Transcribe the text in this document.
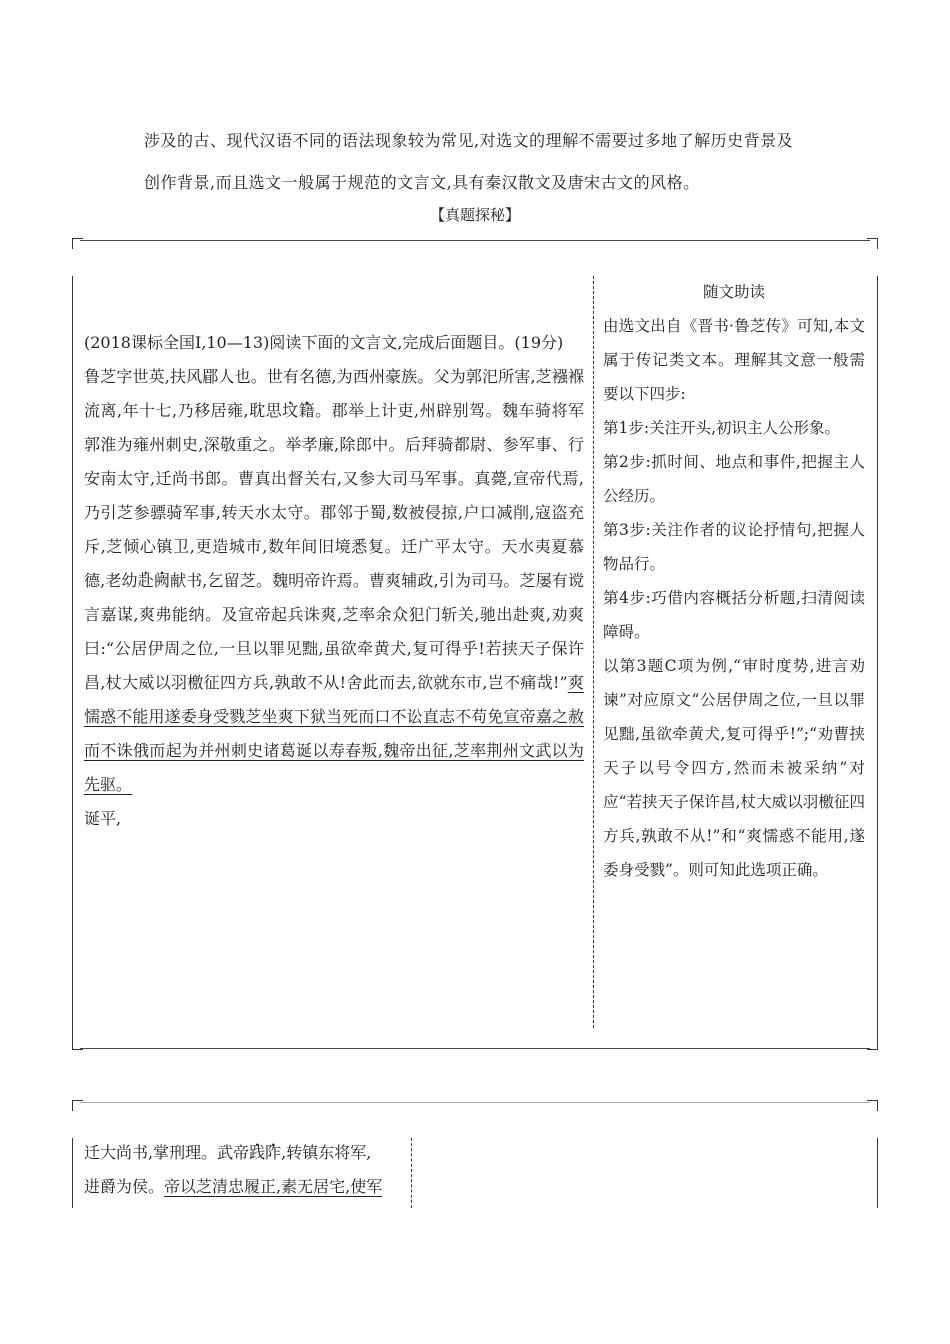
涉及的古、现代汉语不同的语法现象较为常见,对选文的理解不需要过多地了解历史背景及
创作背景,而且选文一般属于规范的文言文,具有秦汉散文及唐宋古文的风格。
【真题探秘】

(2018课标全国Ⅰ,10—13)阅读下面的文言文,完成后面题目。(19分)

鲁芝字世英,扶风郿人也。世有名德,为西州豪族。父为郭汜所害,芝襁褓流离,年十七,乃移居雍,耽思坟籍。郡举上计吏,州辟别驾。魏车骑将军郭淮为雍州刺史,深敬重之。举孝廉,除郎中。后拜骑都尉、参军事、行安南太守,迁尚书郎。曹真出督关右,又参大司马军事。真薨,宣帝代焉,乃引芝参骠骑军事,转天水太守。郡邻于蜀,数被侵掠,户口减削,寇盗充斥,芝倾心镇卫,更造城市,数年间旧境悉复。迁广平太守。天水夷夏慕德,老幼赴阙献书,乞留芝。魏明帝许焉。曹爽辅政,引为司马。芝屡有谠言嘉谋,爽弗能纳。及宣帝起兵诛爽,芝率余众犯门斩关,驰出赴爽,劝爽曰:“公居伊周之位,一旦以罪见黜,虽欲牵黄犬,复可得乎!若挟天子保许昌,杖大威以羽檄征四方兵,孰敢不从!舍此而去,欲就东市,岂不痛哉!”爽懦惑不能用遂委身受戮芝坐爽下狱当死而口不讼直志不苟免宣帝嘉之赦而不诛俄而起为并州刺史诸葛诞以寿春叛,魏帝出征,芝率荆州文武以为先驱。

诞平,

随文助读

由选文出自《晋书·鲁芝传》可知,本文属于传记类文本。理解其文意一般需要以下四步:

第1步:关注开头,初识主人公形象。

第2步:抓时间、地点和事件,把握主人公经历。

第3步:关注作者的议论抒情句,把握人物品行。

第4步:巧借内容概括分析题,扫清阅读障碍。

以第3题C项为例,“审时度势,进言劝谏”对应原文“公居伊周之位,一旦以罪见黜,虽欲牵黄犬,复可得乎!”;“劝曹挟天子以号令四方,然而未被采纳”对应“若挟天子保许昌,杖大威以羽檄征四方兵,孰敢不从!”和“爽懦惑不能用,遂委身受戮”。则可知此选项正确。

迁大尚书,掌刑理。武帝践阼,转镇东将军,

进爵为侯。帝以芝清忠履正,素无居宅,使军
